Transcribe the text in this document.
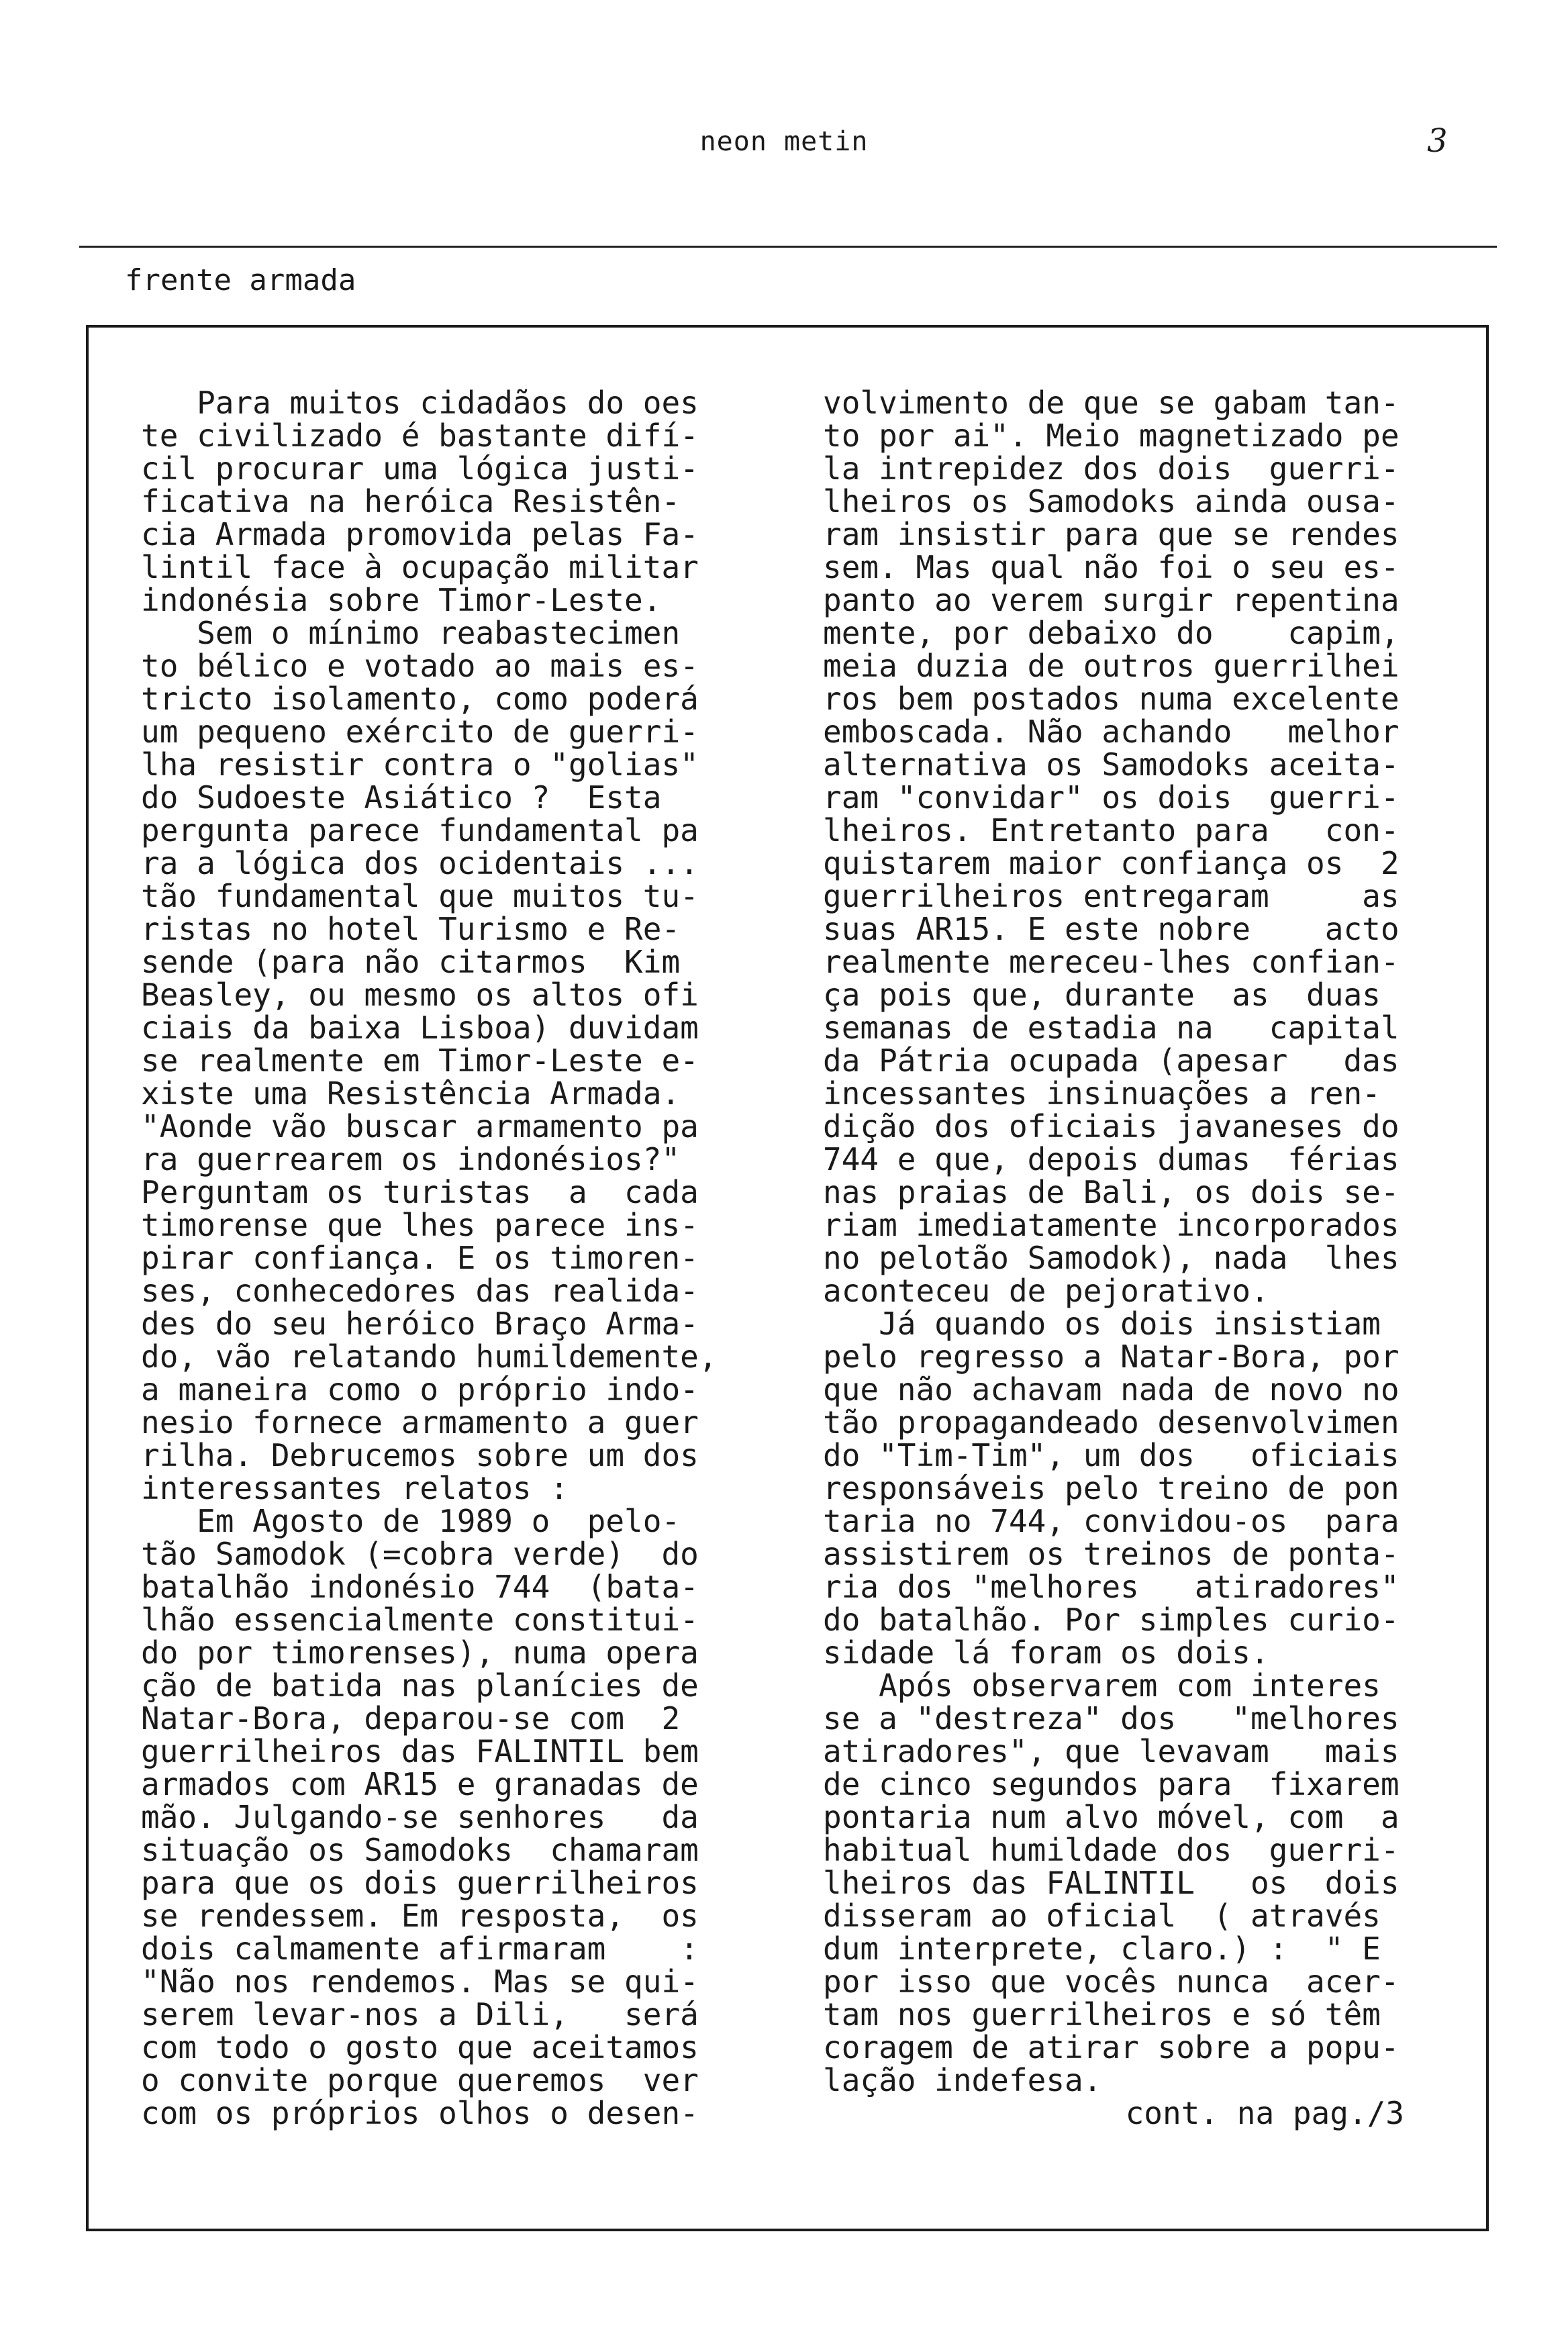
neon metin	3
frente armada
Para muitos cidadãos do oes
te civilizado é bastante difí-
cil procurar uma lógica justi-
ficativa na heróica Resistên-
cia Armada promovida pelas Fa-
lintil face à ocupação militar
indonésia sobre Timor-Leste.
Sem o mínimo reabastecimen
to bélico e votado ao mais es-
tricto isolamento, como poderá
um pequeno exército de guerri-
lha resistir contra o "golias"
do Sudoeste Asiático ?  Esta
pergunta parece fundamental pa
ra a lógica dos ocidentais ...
tão fundamental que muitos tu-
ristas no hotel Turismo e Re-
sende (para não citarmos  Kim
Beasley, ou mesmo os altos ofi
ciais da baixa Lisboa) duvidam
se realmente em Timor-Leste e-
xiste uma Resistência Armada.
"Aonde vão buscar armamento pa
ra guerrearem os indonésios?"
Perguntam os turistas  a  cada
timorense que lhes parece ins-
pirar confiança. E os timoren-
ses, conhecedores das realida-
des do seu heróico Braço Arma-
do, vão relatando humildemente,
a maneira como o próprio indo-
nesio fornece armamento a guer
rilha. Debrucemos sobre um dos
interessantes relatos :
Em Agosto de 1989 o  pelo-
tão Samodok (=cobra verde)  do
batalhão indonésio 744  (bata-
lhão essencialmente constitui-
do por timorenses), numa opera
ção de batida nas planícies de
Natar-Bora, deparou-se com  2
guerrilheiros das FALINTIL bem
armados com AR15 e granadas de
mão. Julgando-se senhores   da
situação os Samodoks  chamaram
para que os dois guerrilheiros
se rendessem. Em resposta,  os
dois calmamente afirmaram    :
"Não nos rendemos. Mas se qui-
serem levar-nos a Dili,   será
com todo o gosto que aceitamos
o convite porque queremos  ver
com os próprios olhos o desen-
volvimento de que se gabam tan-
to por ai". Meio magnetizado pe
la intrepidez dos dois  guerri-
lheiros os Samodoks ainda ousa-
ram insistir para que se rendes
sem. Mas qual não foi o seu es-
panto ao verem surgir repentina
mente, por debaixo do    capim,
meia duzia de outros guerrilhei
ros bem postados numa excelente
emboscada. Não achando   melhor
alternativa os Samodoks aceita-
ram "convidar" os dois  guerri-
lheiros. Entretanto para   con-
quistarem maior confiança os  2
guerrilheiros entregaram     as
suas AR15. E este nobre    acto
realmente mereceu-lhes confian-
ça pois que, durante  as  duas
semanas de estadia na   capital
da Pátria ocupada (apesar   das
incessantes insinuações a ren-
dição dos oficiais javaneses do
744 e que, depois dumas  férias
nas praias de Bali, os dois se-
riam imediatamente incorporados
no pelotão Samodok), nada  lhes
aconteceu de pejorativo.
Já quando os dois insistiam
pelo regresso a Natar-Bora, por
que não achavam nada de novo no
tão propagandeado desenvolvimen
do "Tim-Tim", um dos   oficiais
responsáveis pelo treino de pon
taria no 744, convidou-os  para
assistirem os treinos de ponta-
ria dos "melhores   atiradores"
do batalhão. Por simples curio-
sidade lá foram os dois.
Após observarem com interes
se a "destreza" dos   "melhores
atiradores", que levavam   mais
de cinco segundos para  fixarem
pontaria num alvo móvel, com  a
habitual humildade dos  guerri-
lheiros das FALINTIL   os  dois
disseram ao oficial  ( através
dum interprete, claro.) :  " E
por isso que vocês nunca  acer-
tam nos guerrilheiros e só têm
coragem de atirar sobre a popu-
lação indefesa.
cont. na pag./3
